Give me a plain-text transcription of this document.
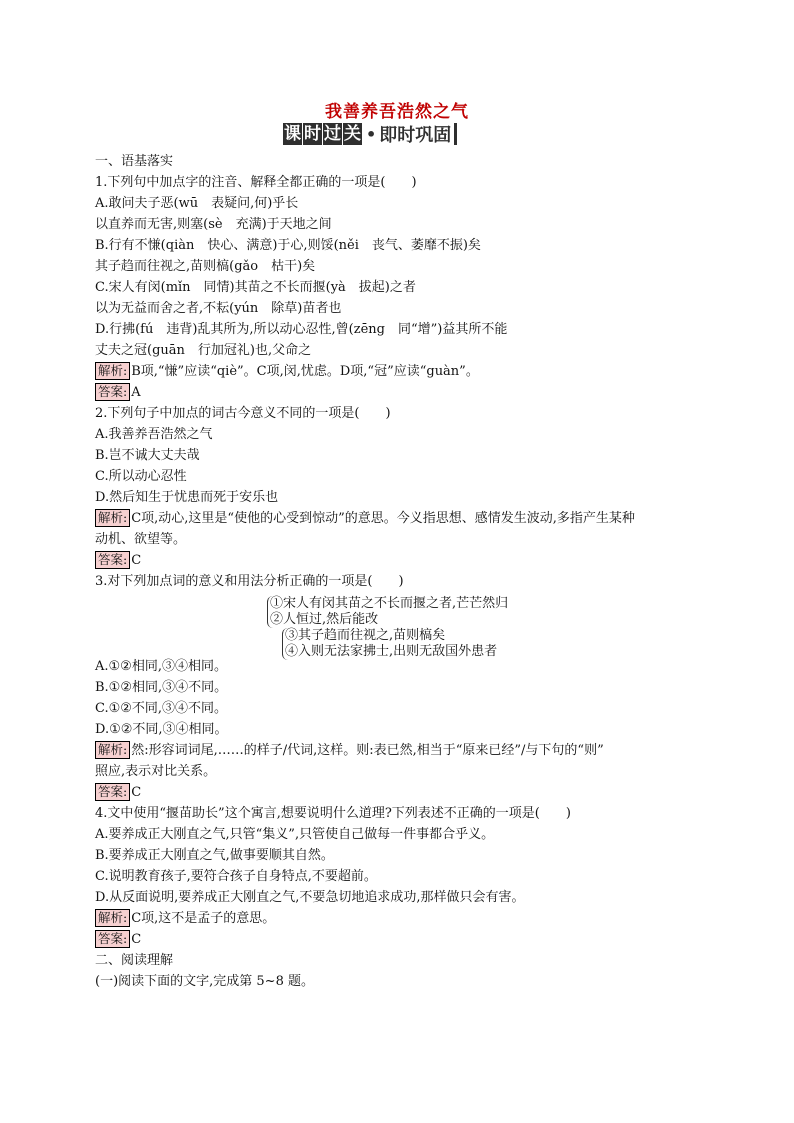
我善养吾浩然之气
课 时 过 关 • 即 时 巩 固

一、语基落实

1.下列句中加点字的注音、解释全都正确的一项是(　　)

A.敢问夫子恶(wū　表疑问,何)乎长

以直养而无害,则塞(sè　充满)于天地之间

B.行有不慊(qiàn　快心、满意)于心,则馁(něi　丧气、萎靡不振)矣

其子趋而往视之,苗则槁(gǎo　枯干)矣

C.宋人有闵(mǐn　同情)其苗之不长而揠(yà　拔起)之者

以为无益而舍之者,不耘(yún　除草)苗者也

D.行拂(fú　违背)乱其所为,所以动心忍性,曾(zēng　同“增”)益其所不能

丈夫之冠(guān　行加冠礼)也,父命之

解析: B项,“慊”应读“qiè”。C项,闵,忧虑。D项,“冠”应读“guàn”。

答案: A

2.下列句子中加点的词古今意义不同的一项是(　　)

A.我善养吾浩然之气

B.岂不诚大丈夫哉

C.所以动心忍性

D.然后知生于忧患而死于安乐也

解析: C项,动心,这里是“使他的心受到惊动”的意思。今义指思想、感情发生波动,多指产生某种

动机、欲望等。

答案: C

3.对下列加点词的意义和用法分析正确的一项是(　　)

①宋人有闵其苗之不长而揠之者,芒芒然归
②人恒过,然后能改
③其子趋而往视之,苗则槁矣
④入则无法家拂士,出则无敌国外患者

A.①②相同,③④相同。

B.①②相同,③④不同。

C.①②不同,③④不同。

D.①②不同,③④相同。

解析: 然:形容词词尾,……的样子/代词,这样。则:表已然,相当于“原来已经”/与下句的“则”

照应,表示对比关系。

答案: C

4.文中使用“揠苗助长”这个寓言,想要说明什么道理?下列表述不正确的一项是(　　)

A.要养成正大刚直之气,只管“集义”,只管使自己做每一件事都合乎义。

B.要养成正大刚直之气,做事要顺其自然。

C.说明教育孩子,要符合孩子自身特点,不要超前。

D.从反面说明,要养成正大刚直之气,不要急切地追求成功,那样做只会有害。

解析: C项,这不是孟子的意思。

答案: C

二、阅读理解

(一)阅读下面的文字,完成第 5~8 题。
